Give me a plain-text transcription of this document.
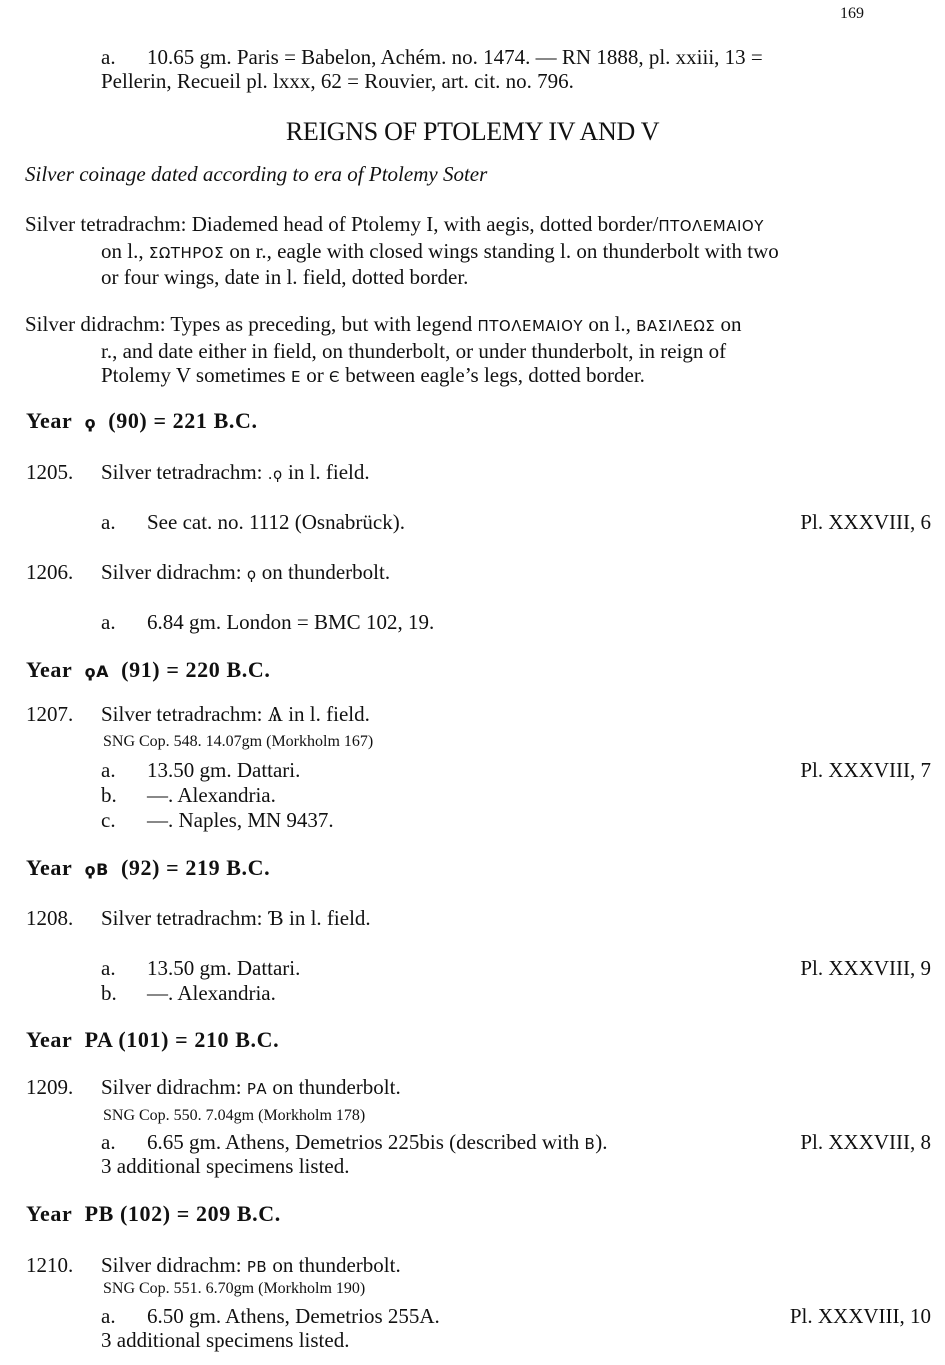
169
a. 10.65 gm. Paris = Babelon, Achém. no. 1474. — RN 1888, pl. xxiii, 13 =
Pellerin, Recueil pl. lxxx, 62 = Rouvier, art. cit. no. 796.
REIGNS OF PTOLEMY IV AND V
Silver coinage dated according to era of Ptolemy Soter
Silver tetradrachm: Diademed head of Ptolemy I, with aegis, dotted border/ΠΤΟΛΕΜΑΙΟΥ
on l., ΣΩΤΗΡΟΣ on r., eagle with closed wings standing l. on thunderbolt with two
or four wings, date in l. field, dotted border.
Silver didrachm: Types as preceding, but with legend ΠΤΟΛΕΜΑΙΟΥ on l., ΒΑΣΙΛΕΩΣ on
r., and date either in field, on thunderbolt, or under thunderbolt, in reign of
Ptolemy V sometimes Ε or Є between eagle’s legs, dotted border.
Year ϙ (90) = 221 B.C.
1205. Silver tetradrachm: .ϙ in l. field.
a. See cat. no. 1112 (Osnabrück).	Pl. XXXVIII, 6
1206. Silver didrachm: ϙ on thunderbolt.
a. 6.84 gm. London = BMC 102, 19.
Year ϙΑ (91) = 220 B.C.
1207. Silver tetradrachm: Ѧ in l. field.
SNG Cop. 548. 14.07gm (Morkholm 167)
a. 13.50 gm. Dattari.	Pl. XXXVIII, 7
b. —. Alexandria.
c. —. Naples, MN 9437.
Year ϙΒ (92) = 219 B.C.
1208. Silver tetradrachm: Ɓ in l. field.
a. 13.50 gm. Dattari.	Pl. XXXVIII, 9
b. —. Alexandria.
Year PA (101) = 210 B.C.
1209. Silver didrachm: ΡΑ on thunderbolt.
SNG Cop. 550. 7.04gm (Morkholm 178)
a. 6.65 gm. Athens, Demetrios 225bis (described with Β).	Pl. XXXVIII, 8
3 additional specimens listed.
Year PB (102) = 209 B.C.
1210. Silver didrachm: ΡΒ on thunderbolt.
SNG Cop. 551. 6.70gm (Morkholm 190)
a. 6.50 gm. Athens, Demetrios 255A.	Pl. XXXVIII, 10
3 additional specimens listed.
